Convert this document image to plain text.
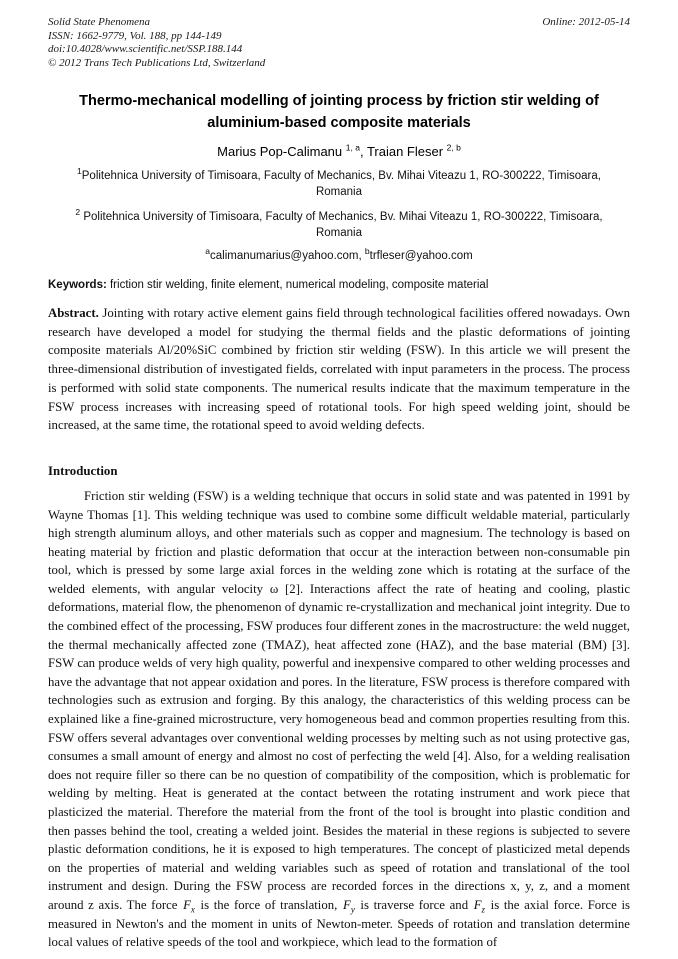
Solid State Phenomena
ISSN: 1662-9779, Vol. 188, pp 144-149
doi:10.4028/www.scientific.net/SSP.188.144
© 2012 Trans Tech Publications Ltd, Switzerland
Online: 2012-05-14
Thermo-mechanical modelling of jointing process by friction stir welding of aluminium-based composite materials
Marius Pop-Calimanu $^{1, a}$, Traian Fleser $^{2, b}$
$^1$Politehnica University of Timisoara, Faculty of Mechanics, Bv. Mihai Viteazu 1, RO-300222, Timisoara, Romania
$^2$ Politehnica University of Timisoara, Faculty of Mechanics, Bv. Mihai Viteazu 1, RO-300222, Timisoara, Romania
$^a$calimanumarius@yahoo.com, $^b$trfleser@yahoo.com
Keywords: friction stir welding, finite element, numerical modeling, composite material

Abstract. Jointing with rotary active element gains field through technological facilities offered nowadays. Own research have developed a model for studying the thermal fields and the plastic deformations of jointing composite materials Al/20%SiC combined by friction stir welding (FSW). In this article we will present the three-dimensional distribution of investigated fields, correlated with input parameters in the process. The process is performed with solid state components. The numerical results indicate that the maximum temperature in the FSW process increases with increasing speed of rotational tools. For high speed welding joint, should be increased, at the same time, the rotational speed to avoid welding defects.

Introduction

Friction stir welding (FSW) is a welding technique that occurs in solid state and was patented in 1991 by Wayne Thomas [1]. This welding technique was used to combine some difficult weldable material, particularly high strength aluminum alloys, and other materials such as copper and magnesium. The technology is based on heating material by friction and plastic deformation that occur at the interaction between non-consumable pin tool, which is pressed by some large axial forces in the welding zone which is rotating at the surface of the welded elements, with angular velocity ω [2]. Interactions affect the rate of heating and cooling, plastic deformations, material flow, the phenomenon of dynamic re-crystallization and mechanical joint integrity. Due to the combined effect of the processing, FSW produces four different zones in the macrostructure: the weld nugget, the thermal mechanically affected zone (TMAZ), heat affected zone (HAZ), and the base material (BM) [3]. FSW can produce welds of very high quality, powerful and inexpensive compared to other welding processes and have the advantage that not appear oxidation and pores. In the literature, FSW process is therefore compared with technologies such as extrusion and forging. By this analogy, the characteristics of this welding process can be explained like a fine-grained microstructure, very homogeneous bead and common properties resulting from this. FSW offers several advantages over conventional welding processes by melting such as not using protective gas, consumes a small amount of energy and almost no cost of perfecting the weld [4]. Also, for a welding realisation does not require filler so there can be no question of compatibility of the composition, which is problematic for welding by melting. Heat is generated at the contact between the rotating instrument and work piece that plasticized the material. Therefore the material from the front of the tool is brought into plastic condition and then passes behind the tool, creating a welded joint. Besides the material in these regions is subjected to severe plastic deformation conditions, he it is exposed to high temperatures. The concept of plasticized metal depends on the properties of material and welding variables such as speed of rotation and translational of the tool instrument and design. During the FSW process are recorded forces in the directions x, y, z, and a moment around z axis. The force $F_x$ is the force of translation, $F_y$ is traverse force and $F_z$ is the axial force. Force is measured in Newton's and the moment in units of Newton-meter. Speeds of rotation and translation determine local values of relative speeds of the tool and workpiece, which lead to the formation of
